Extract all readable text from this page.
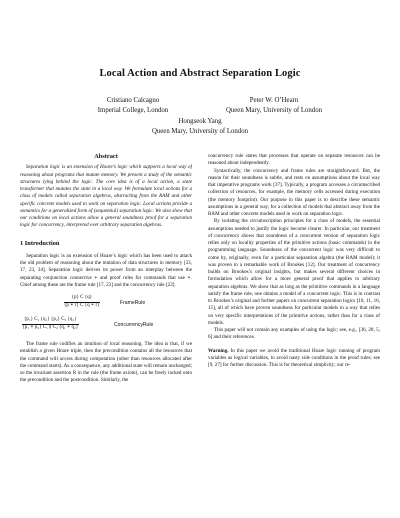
Local Action and Abstract Separation Logic
Cristiano Calcagno
Imperial College, London
Peter W. O’Hearn
Queen Mary, University of London
Hongseok Yang
Queen Mary, University of London
Abstract

Separation logic is an extension of Hoare’s logic which supports a local way of reasoning about programs that mutate memory. We present a study of the semantic structures lying behind the logic. The core idea is of a local action, a state transformer that mutates the state in a local way. We formulate local actions for a class of models called separation algebras, abstracting from the RAM and other specific concrete models used in work on separation logic. Local actions provide a semantics for a generalized form of (sequential) separation logic. We also show that our conditions on local actions allow a general soundness proof for a separation logic for concurrency, interpreted over arbitrary separation algebras.

1 Introduction

Separation logic is an extension of Hoare’s logic which has been used to attack the old problem of reasoning about the mutation of data structures in memory [33, 17, 23, 34]. Separation logic derives its power from an interplay between the separating conjunction connective ∗ and proof rules for commands that use ∗. Chief among these are the frame rule [17, 23] and the concurrency rule [22].

$\frac{\{p\} C \{q\}}{\{p ∗ r\} C \{q ∗ r\}}$	FrameRule
$\frac{\text{\{p₁\} C₁ \{q₁\} \{p₂\} C₂ \{q₂\}}}{\text{\{p₁ ∗ p₂\} C₁ ∥ C₂ \{q₁ ∗ q₂\}}}$	ConcurrencyRule

The frame rule codifies an intuition of local reasoning. The idea is that, if we establish a given Hoare triple, then the precondition contains all the resources that the command will access during computation (other than resources allocated after the command starts). As a consequence, any additional state will remain unchanged; so the invariant assertion R in the rule (the frame axiom), can be freely tacked onto the precondition and the postcondition. Similarly, the

concurrency rule states that processes that operate on separate resources can be reasoned about independently.

Syntactically, the concurrency and frame rules are straightforward. But, the reason for their soundness is subtle, and rests on assumptions about the local way that imperative programs work [37]. Typically, a program accesses a circumscribed collection of resources, for example, the memory cells accessed during execution (the memory footprint). Our purpose in this paper is to describe these semantic assumptions in a general way, for a collection of models that abstract away from the RAM and other concrete models used in work on separation logic.

By isolating the circumscription principles for a class of models, the essential assumptions needed to justify the logic become clearer. In particular, our treatment of concurrency shows that soundness of a concurrent version of separation logic relies only on locality properties of the primitive actions (basic commands) in the programming language. Soundness of the concurrent logic was very difficult to come by, originally, even for a particular separation algebra (the RAM model); it was proven in a remarkable work of Brookes [12]. Our treatment of concurrency builds on Brookes’s original insights, but makes several different choices in formulation which allow for a more general proof that applies to arbitrary separation algebras. We show that as long as the primitive commands in a language satisfy the frame rule, one obtains a model of a concurrent logic. This is in contrast to Brookes’s original and further papers on concurrent separation logics [10, 11, 16, 15], all of which have proven soundness for particular models in a way that relies on very specific interpretations of the primitive actions, rather than for a class of models.

This paper will not contain any examples of using the logic; see, e.g., [36, 28, 5, 6] and their references.

Warning. In this paper we avoid the traditional Hoare logic running of program variables as logical variables, to avoid nasty side conditions in the proof rules; see [9, 27] for further discussion. This is for theoretical simplicity; our re-
